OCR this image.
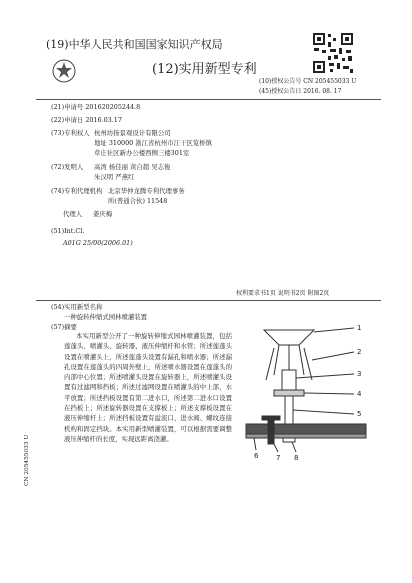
(19)中华人民共和国国家知识产权局
(12)实用新型专利
(10)授权公告号 CN 205455033 U
(45)授权公告日 2016. 08. 17
(21)申请号 201620205244.8
(22)申请日 2016.03.17
(73)专利权人 杭州坊扬景观设计有限公司
地址 310000 浙江省杭州市江干区笕桥镇
草庄社区新办公楼西侧三楼301室
(72)发明人 高湾 杨佳丽 黄自超 吴志俊
朱汉明 严燕红
(74)专利代理机构 北京华仲龙腾专利代理事务
所(普通合伙) 11548
代理人 姜庆梅
(51)Int.Cl.
A01G 25/00(2006.01)
权利要求书1页 说明书2页 附图2页
(54)实用新型名称
一种旋转伸缩式园林喷灌装置
(57)摘要

本实用新型公开了一种旋转伸缩式园林喷灌装置，包括莲蓬头、喷灌头、旋转器、液压伸缩杆和水管；所述莲蓬头设置在喷灌头上，所述莲蓬头设置有漏孔和喷水器；所述漏孔设置在莲蓬头的四周外壁上，所述喷水器设置在莲蓬头的内部中心位置；所述喷灌头设置在旋转器上，所述喷灌头设置有过滤网和挡板；所述过滤网设置在喷灌头的中上部，水平放置；所述挡板设置有第二进水口，所述第二进水口设置在挡板上；所述旋转器设置在支撑板上；所述支撑板设置在液压伸缩杆上；所述挡板设置有溢流口、进水阀、螺纹连接机构和固定挡块。本实用新型喷灌装置，可以根据需要调整液压伸缩杆的长度，实现远距离浇灌。

1
2
3
4
5
6	7 8
CN 205455033 U
